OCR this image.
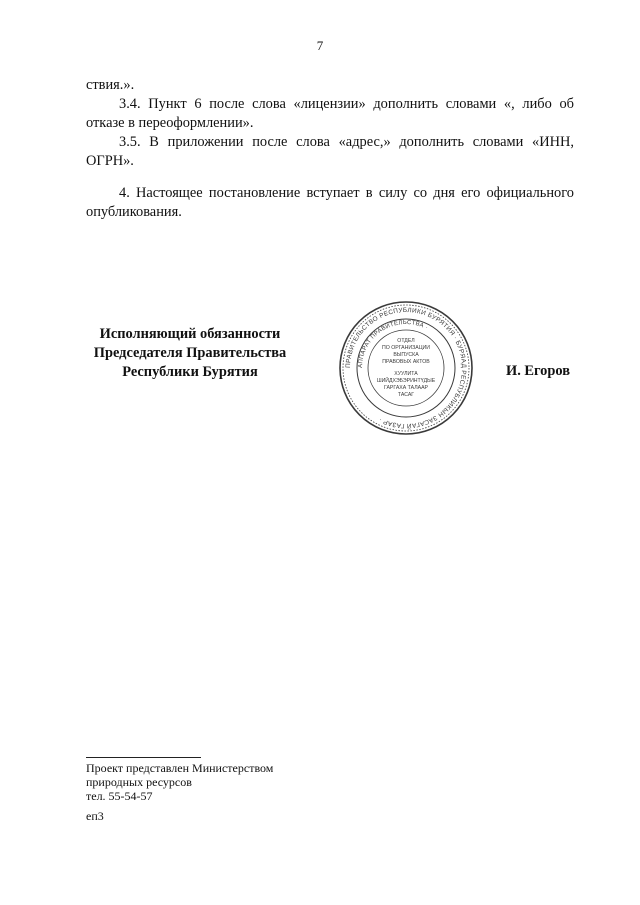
7

ствия.».

3.4. Пункт 6 после слова «лицензии» дополнить словами «, либо об отказе в переоформлении».

3.5. В приложении после слова «адрес,» дополнить словами «ИНН, ОГРН».

4. Настоящее постановление вступает в силу со дня его официального опубликования.

Исполняющий обязанности
Председателя Правительства
Республики Бурятия	ПРАВИТЕЛЬСТВО РЕСПУБЛИКИ БУРЯТИЯ · БУРЯАД РЕСПУБЛИКЫН ЗАСАГАЙ ГАЗАР ·
АППАРАТ ПРАВИТЕЛЬСТВА ·
ОТДЕЛ
ПО ОРГАНИЗАЦИИ
ВЫПУСКА
ПРАВОВЫХ АКТОВ
ХУУЛИТА
ШИЙДХЭБЭРИНТҮДЫЕ
ГАРГАХА ТАЛААР
ТАСАГ
И. Егоров
Проект представлен Министерством
природных ресурсов
тел. 55-54-57
еп3
